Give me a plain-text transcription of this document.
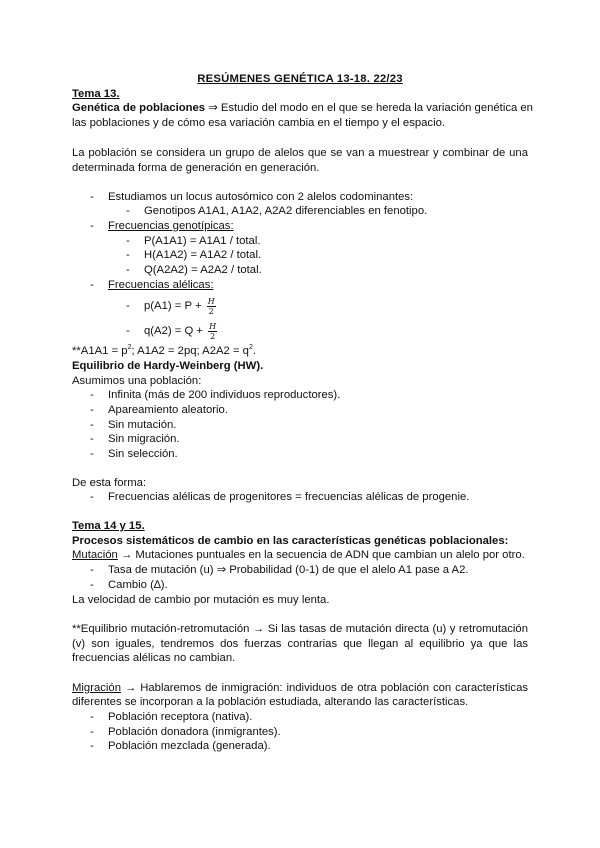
RESÚMENES GENÉTICA 13-18. 22/23
Tema 13.
Genética de poblaciones ⇒ Estudio del modo en el que se hereda la variación genética en
las poblaciones y de cómo esa variación cambia en el tiempo y el espacio.
La población se considera un grupo de alelos que se van a muestrear y combinar de una
determinada forma de generación en generación.
-	Estudiamos un locus autosómico con 2 alelos codominantes:
-	Genotipos A1A1, A1A2, A2A2 diferenciables en fenotipo.
-	Frecuencias genotípicas:
-	P(A1A1) = A1A1 / total.
-	H(A1A2) = A1A2 / total.
-	Q(A2A2) = A2A2 / total.
-	Frecuencias alélicas:
-	$p(A1) = P + \frac{H}{2}$
-	$q(A2) = Q + \frac{H}{2}$
$**A1A1 = p^2$; A1A2 = 2pq; $A2A2 = q^2$.
Equilibrio de Hardy-Weinberg (HW).
Asumimos una población:
-	Infinita (más de 200 individuos reproductores).
-	Apareamiento aleatorio.
-	Sin mutación.
-	Sin migración.
-	Sin selección.
De esta forma:
-	Frecuencias alélicas de progenitores = frecuencias alélicas de progenie.
Tema 14 y 15.
Procesos sistemáticos de cambio en las características genéticas poblacionales:
Mutación → Mutaciones puntuales en la secuencia de ADN que cambian un alelo por otro.
-	Tasa de mutación (u) ⇒ Probabilidad (0-1) de que el alelo A1 pase a A2.
-	Cambio (∆).
La velocidad de cambio por mutación es muy lenta.
**Equilibrio mutación-retromutación → Si las tasas de mutación directa (u) y retromutación
(v) son iguales, tendremos dos fuerzas contrarias que llegan al equilibrio ya que las
frecuencias alélicas no cambian.
Migración → Hablaremos de inmigración: individuos de otra población con características
diferentes se incorporan a la población estudiada, alterando las características.
-	Población receptora (nativa).
-	Población donadora (inmigrantes).
-	Población mezclada (generada).
